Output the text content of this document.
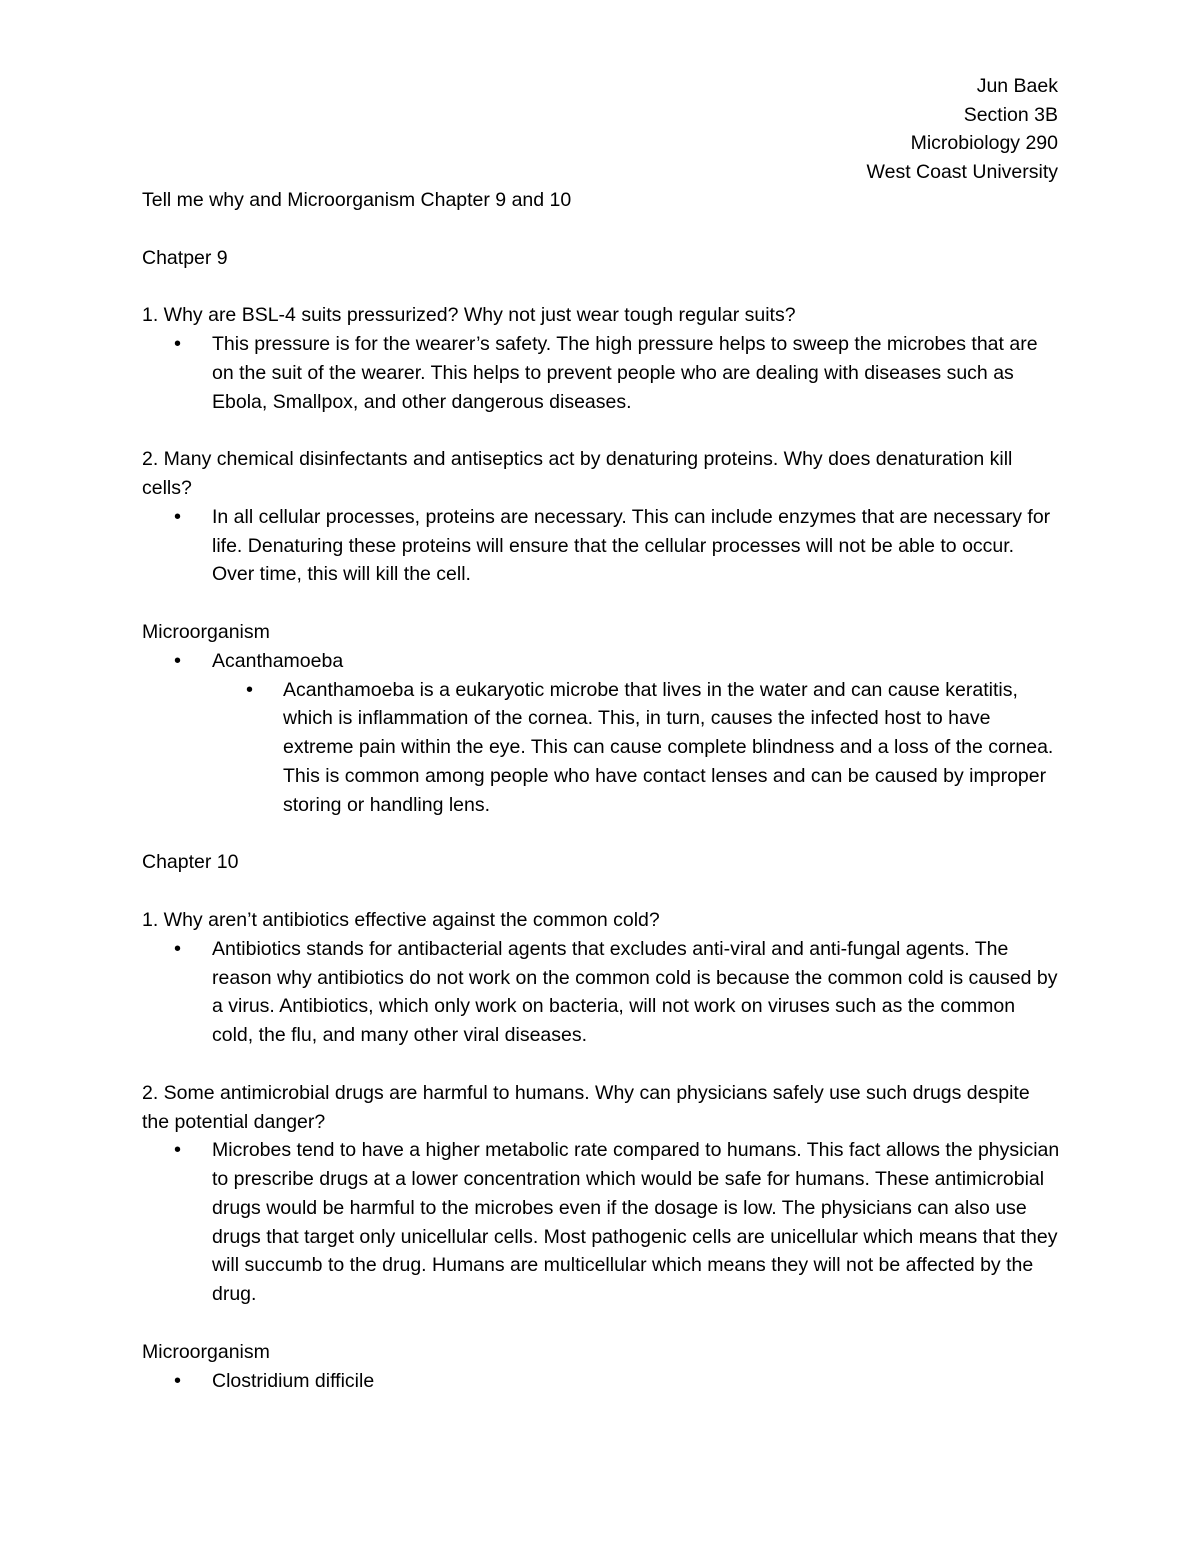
Jun Baek
Section 3B
Microbiology 290
West Coast University

Tell me why and Microorganism Chapter 9 and 10

Chatper 9

1. Why are BSL-4 suits pressurized? Why not just wear tough regular suits?

• This pressure is for the wearer’s safety. The high pressure helps to sweep the microbes that are on the suit of the wearer. This helps to prevent people who are dealing with diseases such as Ebola, Smallpox, and other dangerous diseases.

2. Many chemical disinfectants and antiseptics act by denaturing proteins. Why does denaturation kill cells?

• In all cellular processes, proteins are necessary. This can include enzymes that are necessary for life. Denaturing these proteins will ensure that the cellular processes will not be able to occur. Over time, this will kill the cell.

Microorganism

• Acanthamoeba
• Acanthamoeba is a eukaryotic microbe that lives in the water and can cause keratitis, which is inflammation of the cornea. This, in turn, causes the infected host to have extreme pain within the eye. This can cause complete blindness and a loss of the cornea. This is common among people who have contact lenses and can be caused by improper storing or handling lens.

Chapter 10

1. Why aren’t antibiotics effective against the common cold?

• Antibiotics stands for antibacterial agents that excludes anti-viral and anti-fungal agents. The reason why antibiotics do not work on the common cold is because the common cold is caused by a virus. Antibiotics, which only work on bacteria, will not work on viruses such as the common cold, the flu, and many other viral diseases.

2. Some antimicrobial drugs are harmful to humans. Why can physicians safely use such drugs despite the potential danger?

• Microbes tend to have a higher metabolic rate compared to humans. This fact allows the physician to prescribe drugs at a lower concentration which would be safe for humans. These antimicrobial drugs would be harmful to the microbes even if the dosage is low. The physicians can also use drugs that target only unicellular cells. Most pathogenic cells are unicellular which means that they will succumb to the drug. Humans are multicellular which means they will not be affected by the drug.

Microorganism

• Clostridium difficile
